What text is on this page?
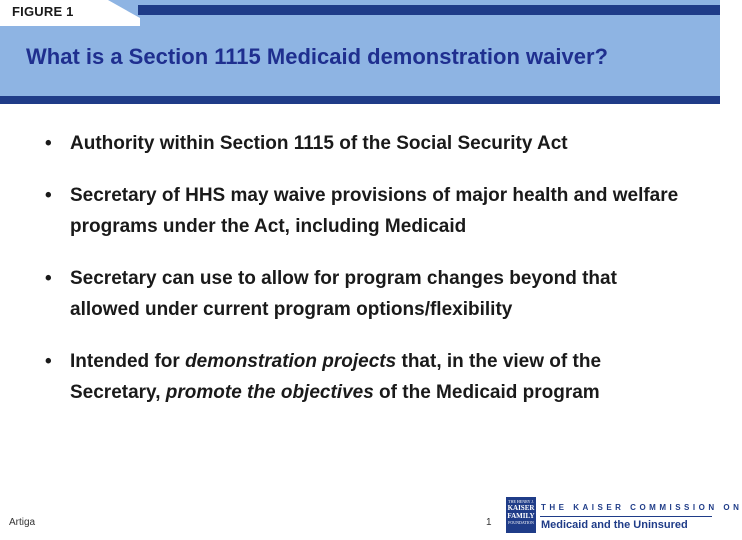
FIGURE 1
What is a Section 1115 Medicaid demonstration waiver?
• Authority within Section 1115 of the Social Security Act
• Secretary of HHS may waive provisions of major health and welfare programs under the Act, including Medicaid
• Secretary can use to allow for program changes beyond that allowed under current program options/flexibility
• Intended for demonstration projects that, in the view of the Secretary, promote the objectives of the Medicaid program
Artiga	1
THE HENRY J.
KAISER
FAMILY
FOUNDATION
THE KAISER COMMISSION ON
Medicaid and the Uninsured
